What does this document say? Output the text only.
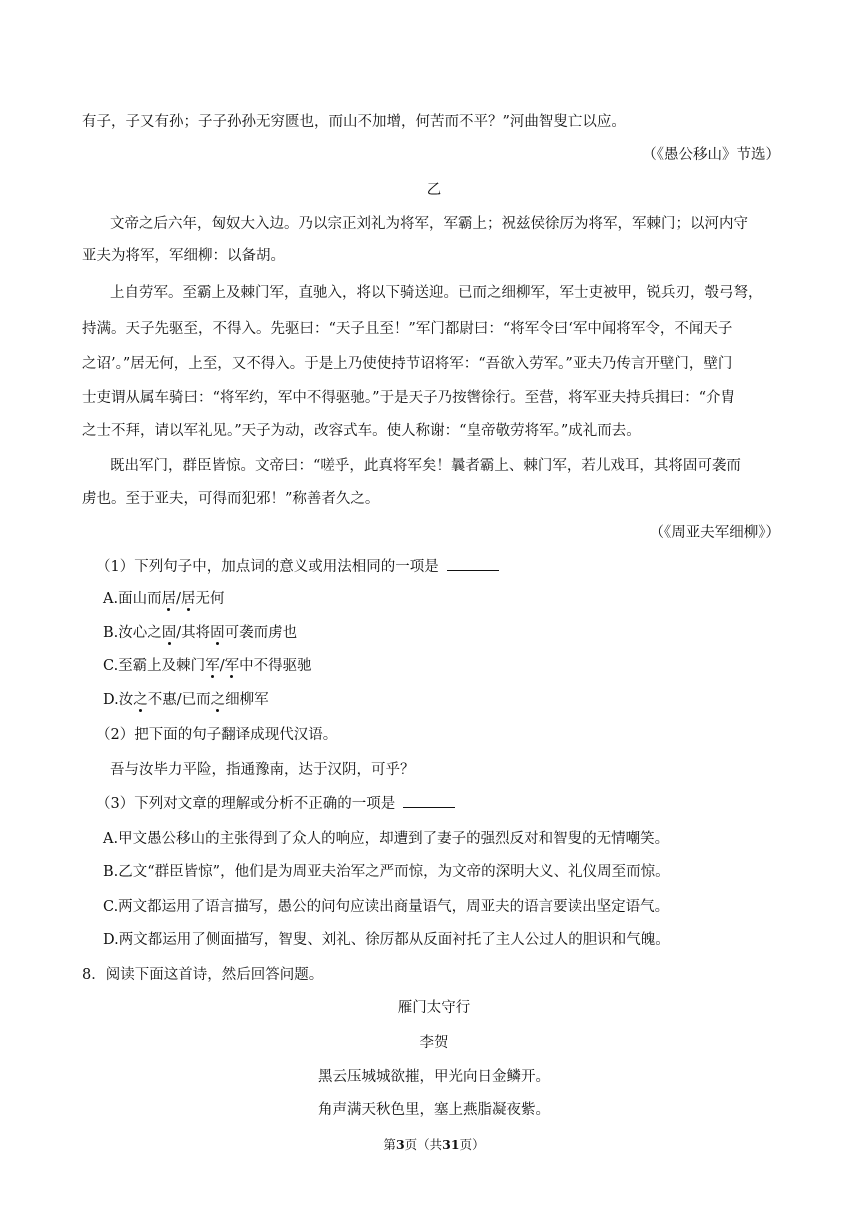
有子，子又有孙；子子孙孙无穷匮也，而山不加增，何苦而不平？”河曲智叟亡以应。
（《愚公移山》节选）
乙
文帝之后六年，匈奴大入边。乃以宗正刘礼为将军，军霸上；祝兹侯徐厉为将军，军棘门；以河内守
亚夫为将军，军细柳：以备胡。
上自劳军。至霸上及棘门军，直驰入，将以下骑送迎。已而之细柳军，军士吏被甲，锐兵刃，彀弓弩，
持满。天子先驱至，不得入。先驱曰：“天子且至！”军门都尉曰：“将军令曰‘军中闻将军令，不闻天子
之诏’。”居无何，上至，又不得入。于是上乃使使持节诏将军：“吾欲入劳军。”亚夫乃传言开壁门，壁门
士吏谓从属车骑曰：“将军约，军中不得驱驰。”于是天子乃按辔徐行。至营，将军亚夫持兵揖曰：“介胄
之士不拜，请以军礼见。”天子为动，改容式车。使人称谢：“皇帝敬劳将军。”成礼而去。
既出军门，群臣皆惊。文帝曰：“嗟乎，此真将军矣！曩者霸上、棘门军，若儿戏耳，其将固可袭而
虏也。至于亚夫，可得而犯邪！”称善者久之。
（《周亚夫军细柳》）
（1）下列句子中，加点词的意义或用法相同的一项是
A.面山而居/居无何
B.汝心之固/其将固可袭而虏也
C.至霸上及棘门军/军中不得驱驰
D.汝之不惠/已而之细柳军
（2）把下面的句子翻译成现代汉语。
吾与汝毕力平险，指通豫南，达于汉阴，可乎？
（3）下列对文章的理解或分析不正确的一项是
A.甲文愚公移山的主张得到了众人的响应，却遭到了妻子的强烈反对和智叟的无情嘲笑。
B.乙文“群臣皆惊”，他们是为周亚夫治军之严而惊，为文帝的深明大义、礼仪周至而惊。
C.两文都运用了语言描写，愚公的问句应读出商量语气，周亚夫的语言要读出坚定语气。
D.两文都运用了侧面描写，智叟、刘礼、徐厉都从反面衬托了主人公过人的胆识和气魄。
8．阅读下面这首诗，然后回答问题。
雁门太守行
李贺
黑云压城城欲摧，甲光向日金鳞开。
角声满天秋色里，塞上燕脂凝夜紫。
第3页（共31页）
